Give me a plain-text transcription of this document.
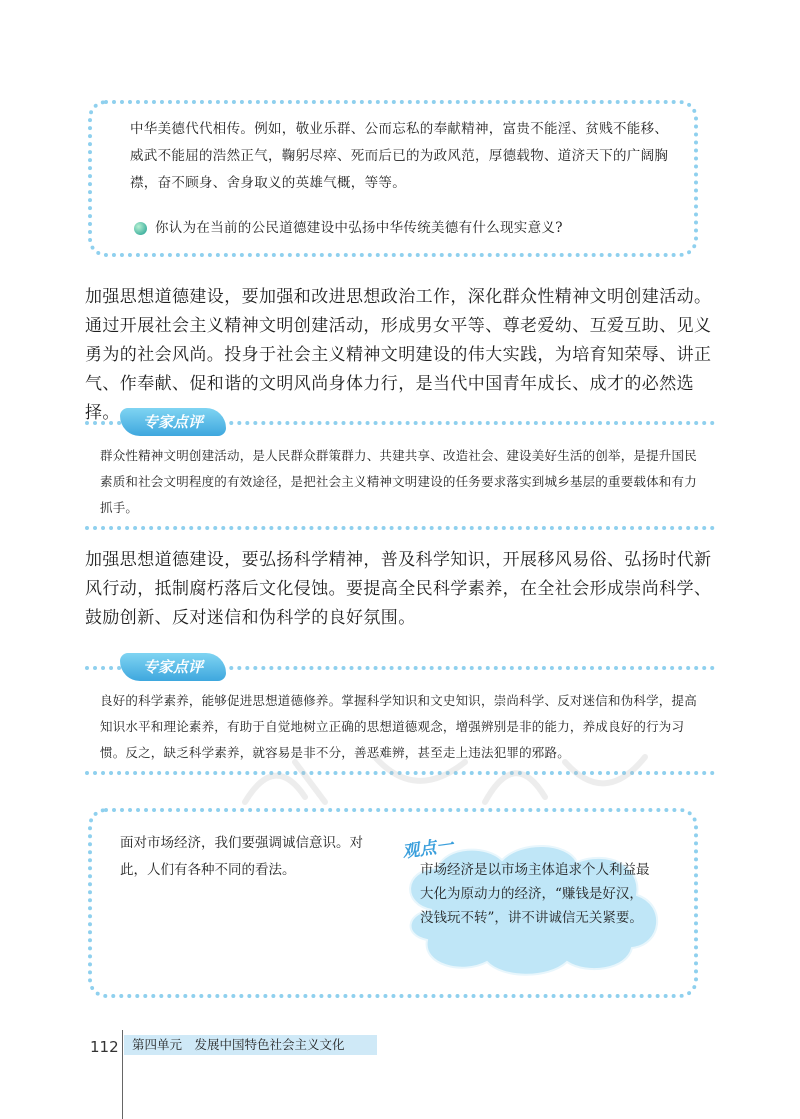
中华美德代代相传。例如，敬业乐群、公而忘私的奉献精神，富贵不能淫、贫贱不能移、威武不能屈的浩然正气，鞠躬尽瘁、死而后已的为政风范，厚德载物、道济天下的广阔胸襟，奋不顾身、舍身取义的英雄气概，等等。

你认为在当前的公民道德建设中弘扬中华传统美德有什么现实意义?

加强思想道德建设，要加强和改进思想政治工作，深化群众性精神文明创建活动。通过开展社会主义精神文明创建活动，形成男女平等、尊老爱幼、互爱互助、见义勇为的社会风尚。投身于社会主义精神文明建设的伟大实践，为培育知荣辱、讲正气、作奉献、促和谐的文明风尚身体力行，是当代中国青年成长、成才的必然选择。	专家点评

群众性精神文明创建活动，是人民群众群策群力、共建共享、改造社会、建设美好生活的创举，是提升国民素质和社会文明程度的有效途径，是把社会主义精神文明建设的任务要求落实到城乡基层的重要载体和有力抓手。

加强思想道德建设，要弘扬科学精神，普及科学知识，开展移风易俗、弘扬时代新风行动，抵制腐朽落后文化侵蚀。要提高全民科学素养，在全社会形成崇尚科学、鼓励创新、反对迷信和伪科学的良好氛围。

专家点评

良好的科学素养，能够促进思想道德修养。掌握科学知识和文史知识，崇尚科学、反对迷信和伪科学，提高知识水平和理论素养，有助于自觉地树立正确的思想道德观念，增强辨别是非的能力，养成良好的行为习惯。反之，缺乏科学素养，就容易是非不分，善恶难辨，甚至走上违法犯罪的邪路。

面对市场经济，我们要强调诚信意识。对此，人们有各种不同的看法。

观点一

市场经济是以市场主体追求个人利益最大化为原动力的经济，“赚钱是好汉，没钱玩不转”，讲不讲诚信无关紧要。

112	第四单元　发展中国特色社会主义文化
